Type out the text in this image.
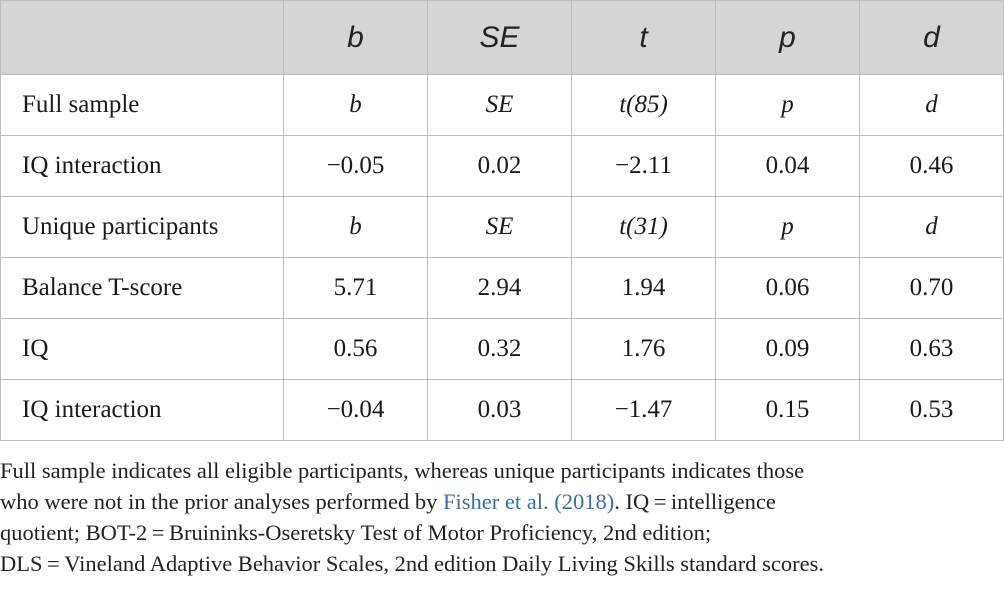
	b	SE	t	p	d
Full sample	b	SE	t(85)	p	d
IQ interaction	−0.05	0.02	−2.11	0.04	0.46
Unique participants	b	SE	t(31)	p	d
Balance T-score	5.71	2.94	1.94	0.06	0.70
IQ	0.56	0.32	1.76	0.09	0.63
IQ interaction	−0.04	0.03	−1.47	0.15	0.53
Full sample indicates all eligible participants, whereas unique participants indicates those
who were not in the prior analyses performed by Fisher et al. (2018). IQ = intelligence
quotient; BOT-2 = Bruininks-Oseretsky Test of Motor Proficiency, 2nd edition;
DLS = Vineland Adaptive Behavior Scales, 2nd edition Daily Living Skills standard scores.
